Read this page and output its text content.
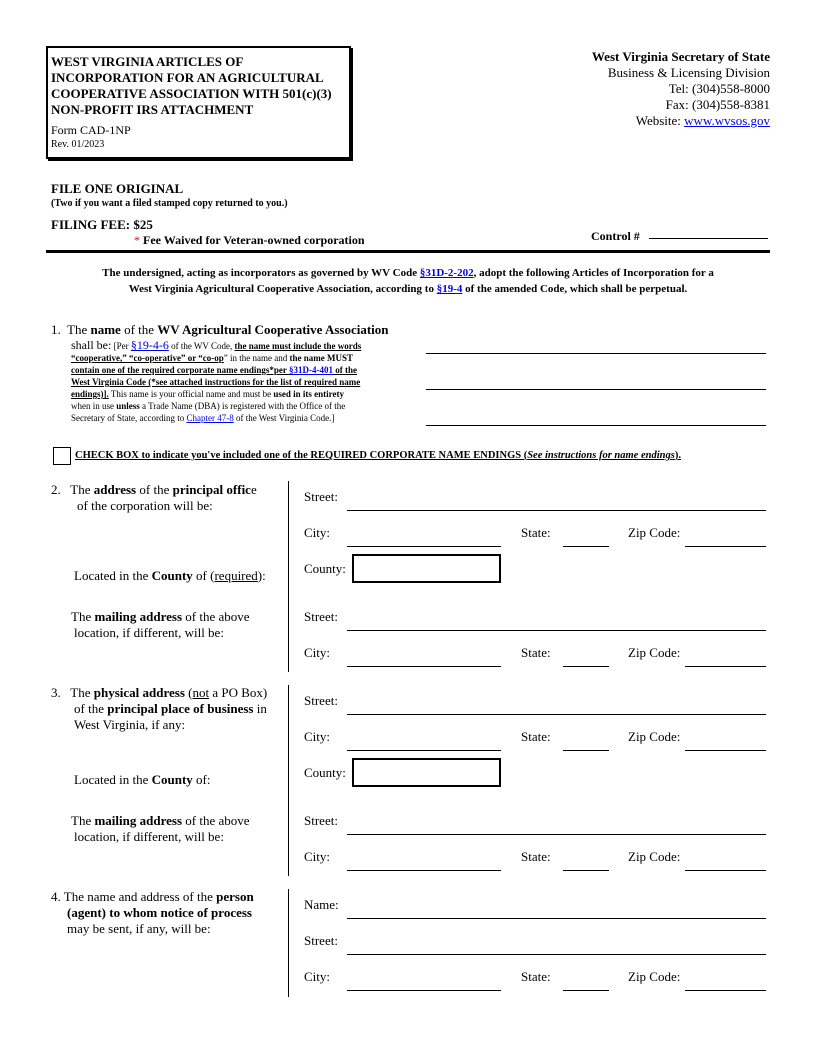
WEST VIRGINIA ARTICLES OF INCORPORATION FOR AN AGRICULTURAL COOPERATIVE ASSOCIATION WITH 501(c)(3) NON-PROFIT IRS ATTACHMENT
Form CAD-1NP
Rev. 01/2023
West Virginia Secretary of State
Business & Licensing Division
Tel: (304)558-8000
Fax: (304)558-8381
Website: www.wvsos.gov
FILE ONE ORIGINAL
(Two if you want a filed stamped copy returned to you.)
FILING FEE: $25
* Fee Waived for Veteran-owned corporation	Control #
The undersigned, acting as incorporators as governed by WV Code §31D-2-202, adopt the following Articles of Incorporation for a
West Virginia Agricultural Cooperative Association, according to §19-4 of the amended Code, which shall be perpetual.
1. The name of the WV Agricultural Cooperative Association
shall be: [Per §19-4-6 of the WV Code, the name must include the words
“cooperative,” “co-operative” or “co-op” in the name and the name MUST
contain one of the required corporate name endings*per §31D-4-401 of the
West Virginia Code (*see attached instructions for the list of required name
endings)]. This name is your official name and must be used in its entirety
when in use unless a Trade Name (DBA) is registered with the Office of the
Secretary of State, according to Chapter 47-8 of the West Virginia Code.]
CHECK BOX to indicate you've included one of the REQUIRED CORPORATE NAME ENDINGS (See instructions for name endings).
2. The address of the principal office
of the corporation will be:
Located in the County of (required):
The mailing address of the above
location, if different, will be:
Street:
City:	State:	Zip Code:
County:
Street:
City:	State:	Zip Code:
3. The physical address (not a PO Box)
of the principal place of business in
West Virginia, if any:
Located in the County of:
The mailing address of the above
location, if different, will be:
Street:
City:	State:	Zip Code:
County:
Street:
City:	State:	Zip Code:
4. The name and address of the person
(agent) to whom notice of process
may be sent, if any, will be:
Name:
Street:
City:	State:	Zip Code:
